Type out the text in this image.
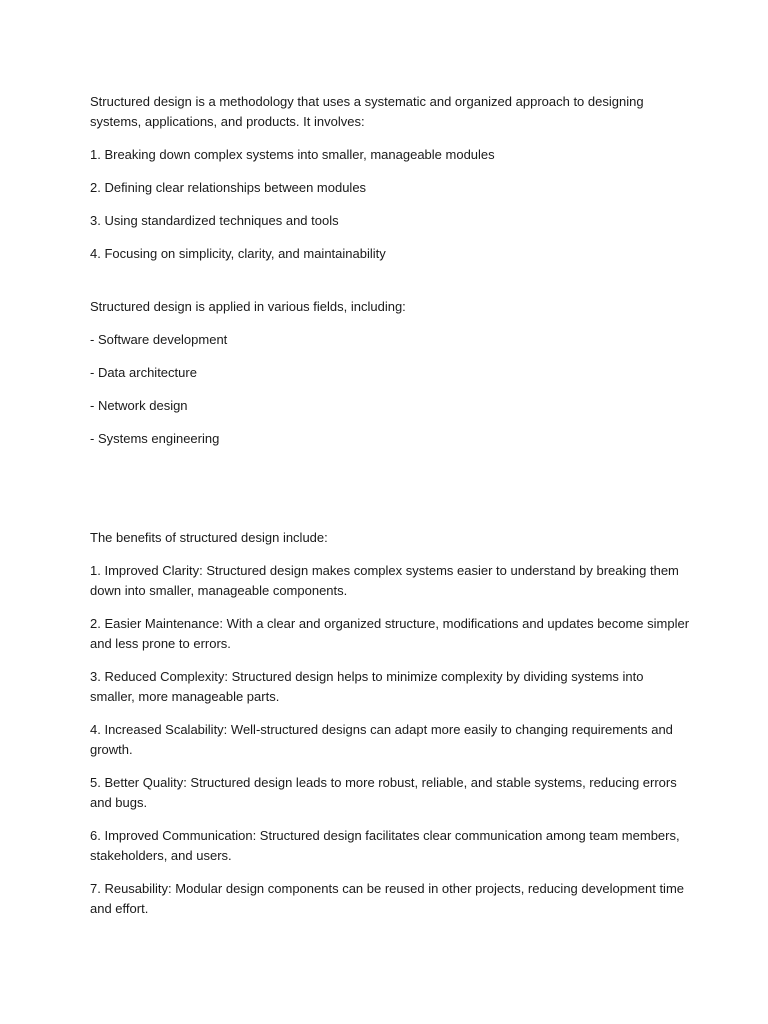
Structured design is a methodology that uses a systematic and organized approach to designing systems, applications, and products. It involves:

1. Breaking down complex systems into smaller, manageable modules

2. Defining clear relationships between modules

3. Using standardized techniques and tools

4. Focusing on simplicity, clarity, and maintainability

Structured design is applied in various fields, including:

- Software development

- Data architecture

- Network design

- Systems engineering

The benefits of structured design include:

1. Improved Clarity: Structured design makes complex systems easier to understand by breaking them down into smaller, manageable components.

2. Easier Maintenance: With a clear and organized structure, modifications and updates become simpler and less prone to errors.

3. Reduced Complexity: Structured design helps to minimize complexity by dividing systems into smaller, more manageable parts.

4. Increased Scalability: Well-structured designs can adapt more easily to changing requirements and growth.

5. Better Quality: Structured design leads to more robust, reliable, and stable systems, reducing errors and bugs.

6. Improved Communication: Structured design facilitates clear communication among team members, stakeholders, and users.

7. Reusability: Modular design components can be reused in other projects, reducing development time and effort.
